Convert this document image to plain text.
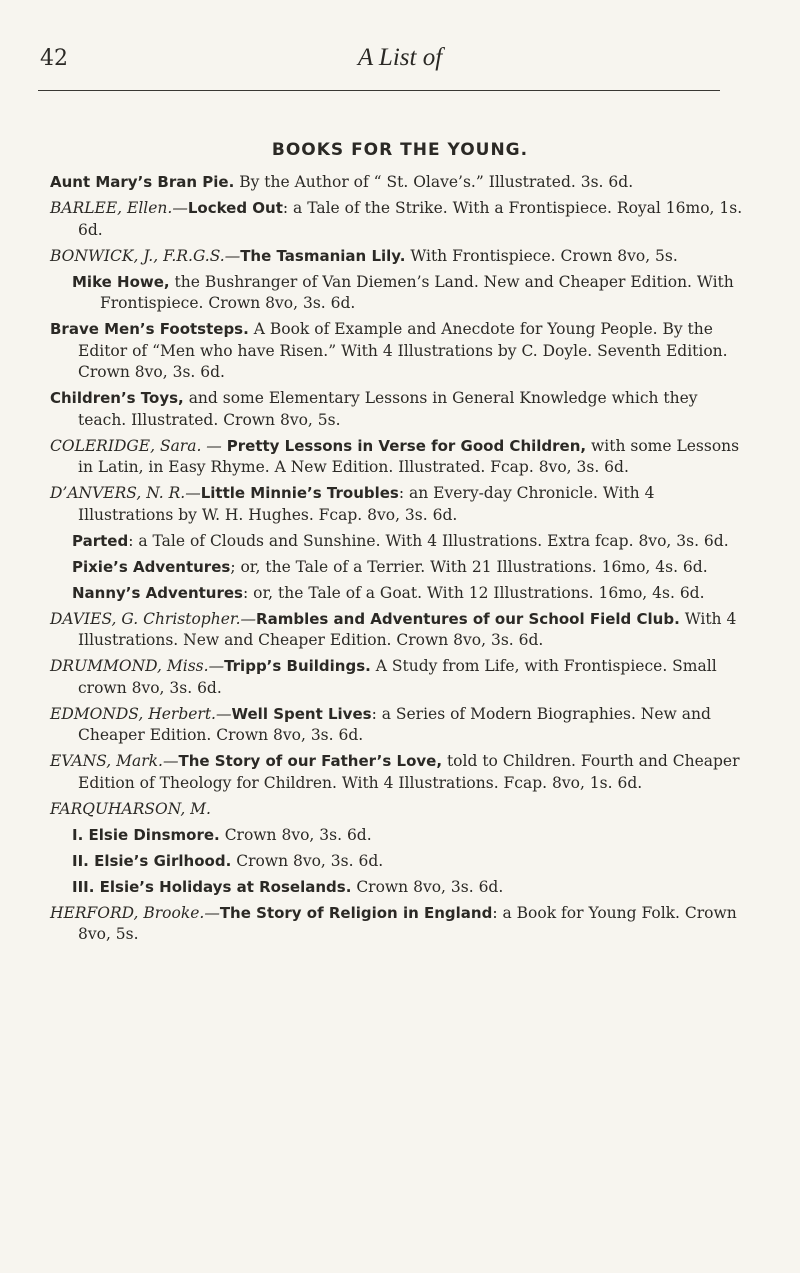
42	A List of
BOOKS FOR THE YOUNG.

Aunt Mary’s Bran Pie. By the Author of “ St. Olave’s.” Illustrated. 3s. 6d.

BARLEE, Ellen.—Locked Out: a Tale of the Strike. With a Frontispiece. Royal 16mo, 1s. 6d.

BONWICK, J., F.R.G.S.—The Tasmanian Lily. With Frontispiece. Crown 8vo, 5s.

Mike Howe, the Bushranger of Van Diemen’s Land. New and Cheaper Edition. With Frontispiece. Crown 8vo, 3s. 6d.

Brave Men’s Footsteps. A Book of Example and Anecdote for Young People. By the Editor of “Men who have Risen.” With 4 Illustrations by C. Doyle. Seventh Edition. Crown 8vo, 3s. 6d.

Children’s Toys, and some Elementary Lessons in General Knowledge which they teach. Illustrated. Crown 8vo, 5s.

COLERIDGE, Sara. — Pretty Lessons in Verse for Good Children, with some Lessons in Latin, in Easy Rhyme. A New Edition. Illustrated. Fcap. 8vo, 3s. 6d.

D’ANVERS, N. R.—Little Minnie’s Troubles: an Every-day Chronicle. With 4 Illustrations by W. H. Hughes. Fcap. 8vo, 3s. 6d.

Parted: a Tale of Clouds and Sunshine. With 4 Illustrations. Extra fcap. 8vo, 3s. 6d.

Pixie’s Adventures; or, the Tale of a Terrier. With 21 Illustrations. 16mo, 4s. 6d.

Nanny’s Adventures: or, the Tale of a Goat. With 12 Illustrations. 16mo, 4s. 6d.

DAVIES, G. Christopher.—Rambles and Adventures of our School Field Club. With 4 Illustrations. New and Cheaper Edition. Crown 8vo, 3s. 6d.

DRUMMOND, Miss.—Tripp’s Buildings. A Study from Life, with Frontispiece. Small crown 8vo, 3s. 6d.

EDMONDS, Herbert.—Well Spent Lives: a Series of Modern Biographies. New and Cheaper Edition. Crown 8vo, 3s. 6d.

EVANS, Mark.—The Story of our Father’s Love, told to Children. Fourth and Cheaper Edition of Theology for Children. With 4 Illustrations. Fcap. 8vo, 1s. 6d.

FARQUHARSON, M.

I. Elsie Dinsmore. Crown 8vo, 3s. 6d.

II. Elsie’s Girlhood. Crown 8vo, 3s. 6d.

III. Elsie’s Holidays at Roselands. Crown 8vo, 3s. 6d.

HERFORD, Brooke.—The Story of Religion in England: a Book for Young Folk. Crown 8vo, 5s.
